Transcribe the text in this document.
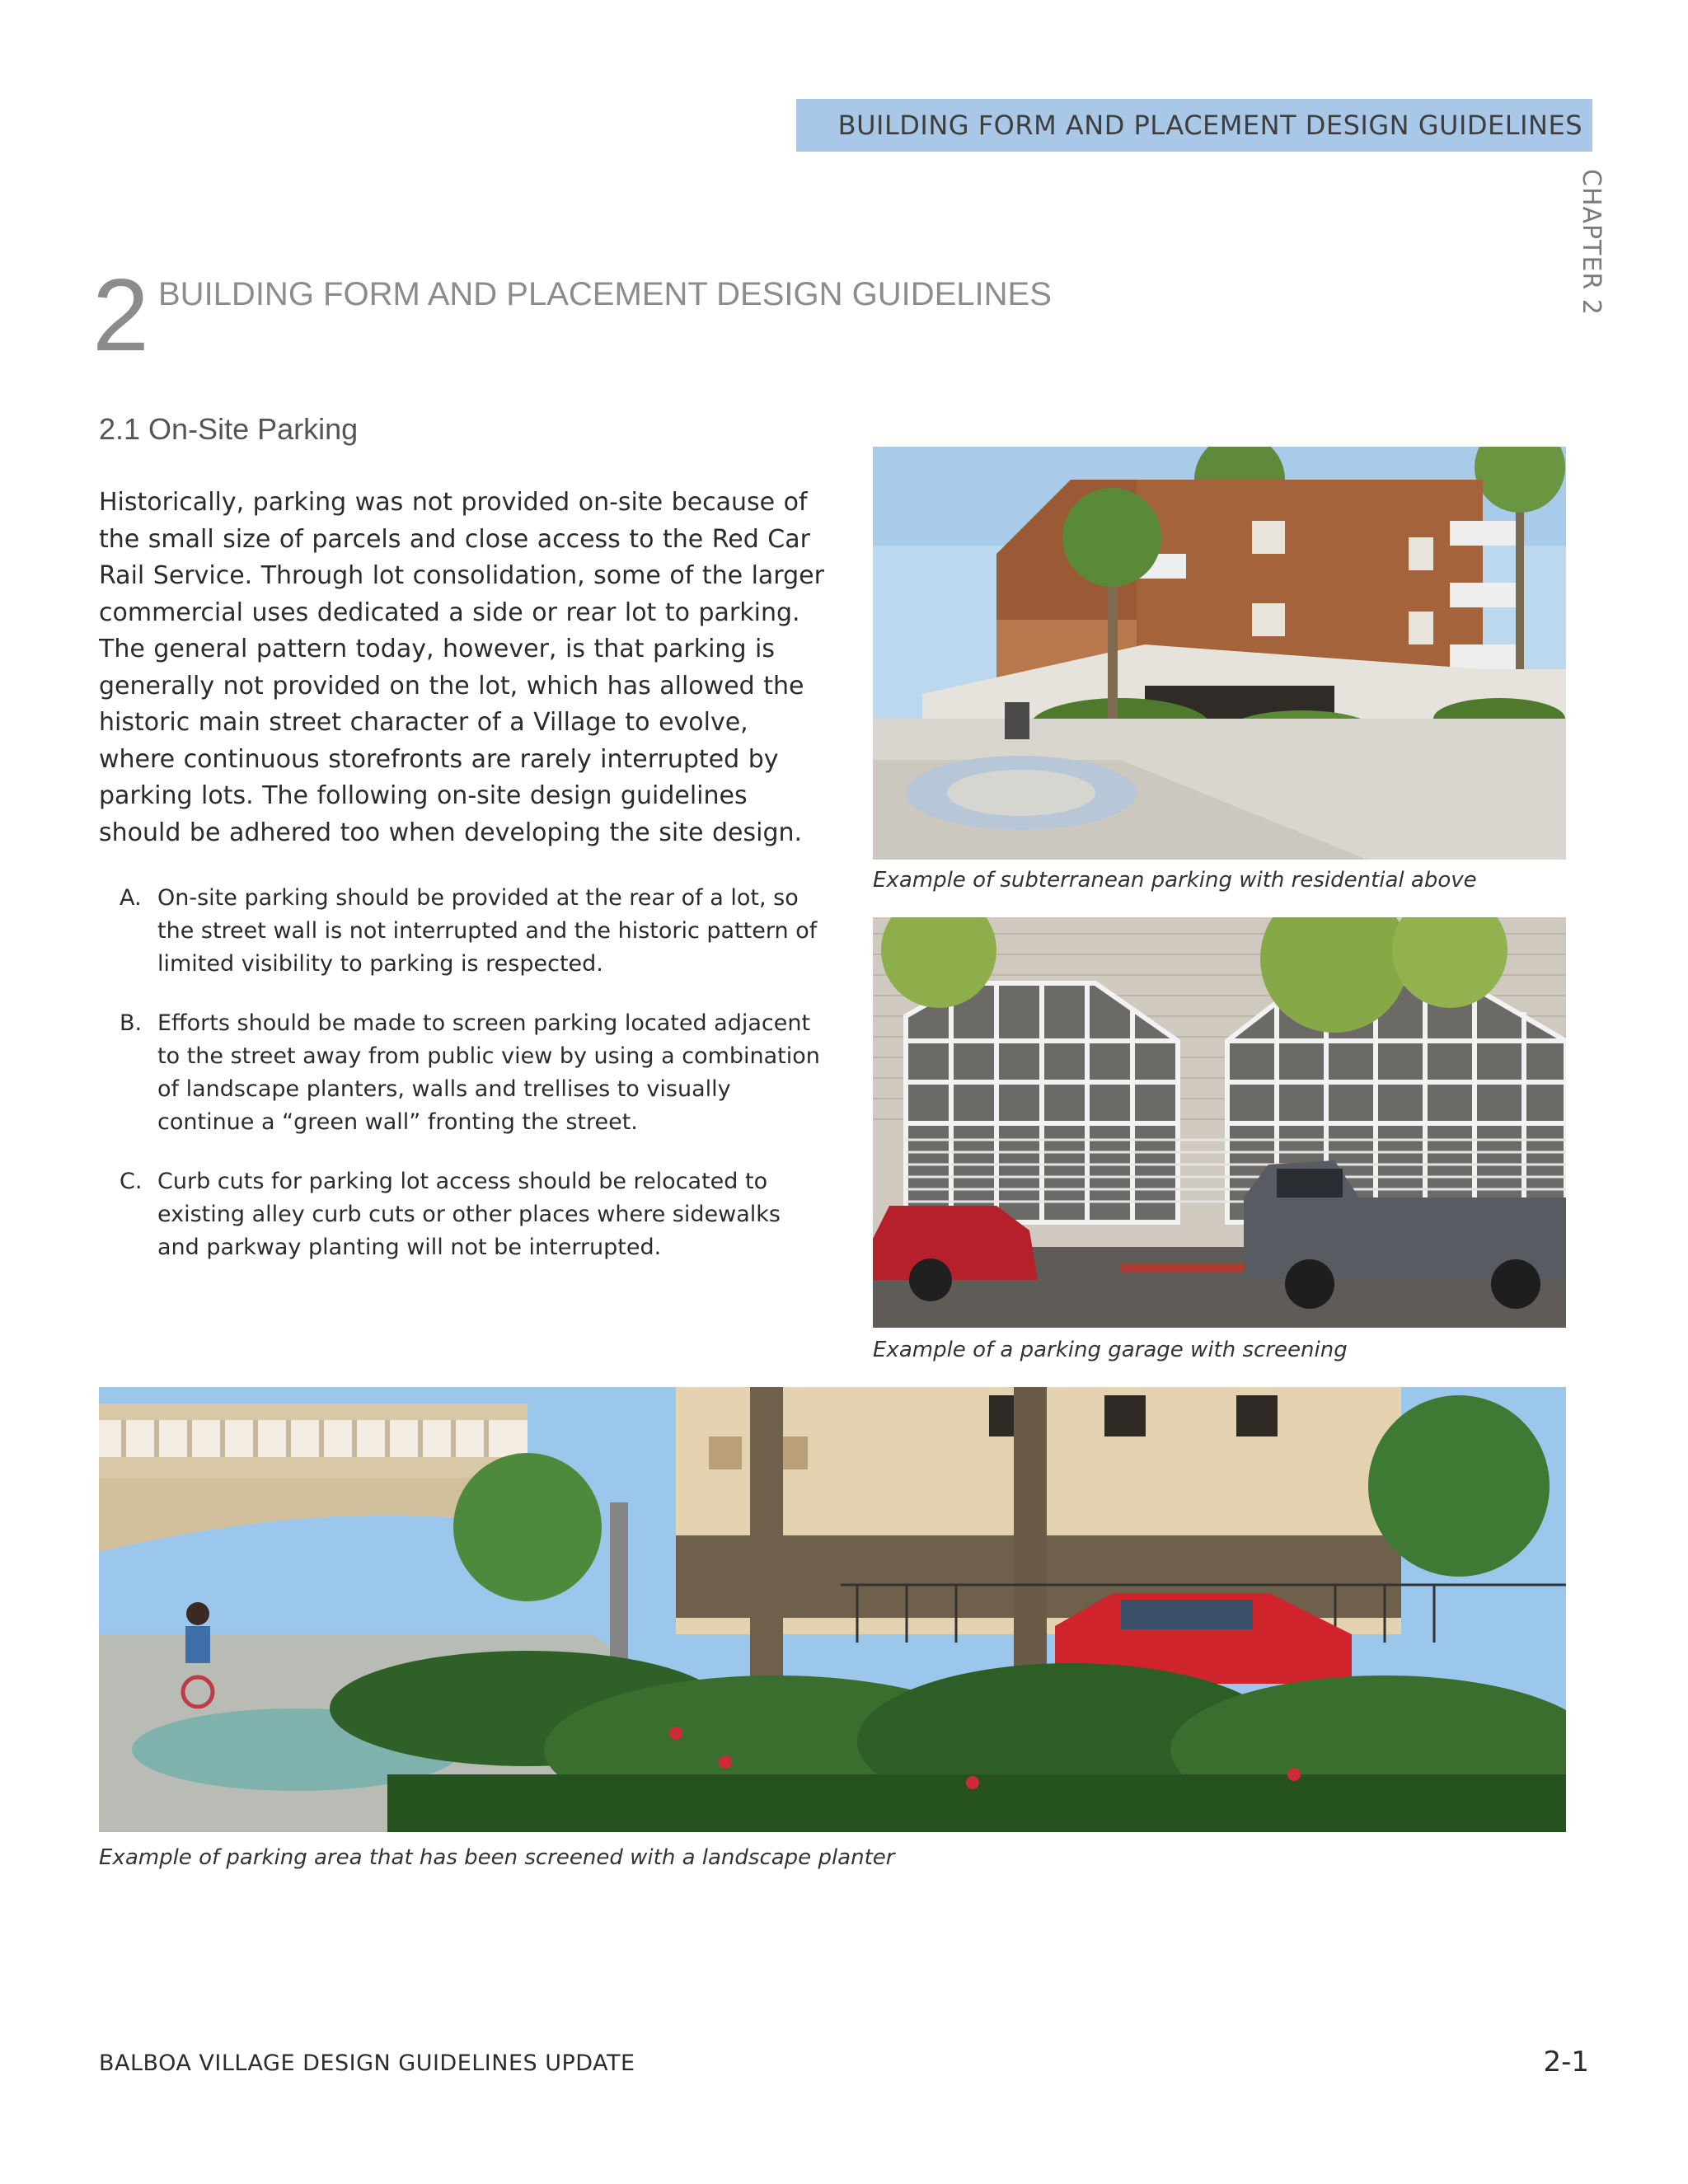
BUILDING FORM AND PLACEMENT DESIGN GUIDELINES
CHAPTER 2
2 BUILDING FORM AND PLACEMENT DESIGN GUIDELINES
2.1 On-Site Parking

Historically, parking was not provided on-site because of the small size of parcels and close access to the Red Car Rail Service. Through lot consolidation, some of the larger commercial uses dedicated a side or rear lot to parking. The general pattern today, however, is that parking is generally not provided on the lot, which has allowed the historic main street character of a Village to evolve, where continuous storefronts are rarely interrupted by parking lots. The following on-site design guidelines should be adhered too when developing the site design.

A. On-site parking should be provided at the rear of a lot, so the street wall is not interrupted and the historic pattern of limited visibility to parking is respected.
B. Efforts should be made to screen parking located adjacent to the street away from public view by using a combination of landscape planters, walls and trellises to visually continue a “green wall” fronting the street.
C. Curb cuts for parking lot access should be relocated to existing alley curb cuts or other places where sidewalks and parkway planting will not be interrupted.
Example of subterranean parking with residential above
Example of a parking garage with screening
Example of parking area that has been screened with a landscape planter
BALBOA VILLAGE DESIGN GUIDELINES UPDATE	2-1
